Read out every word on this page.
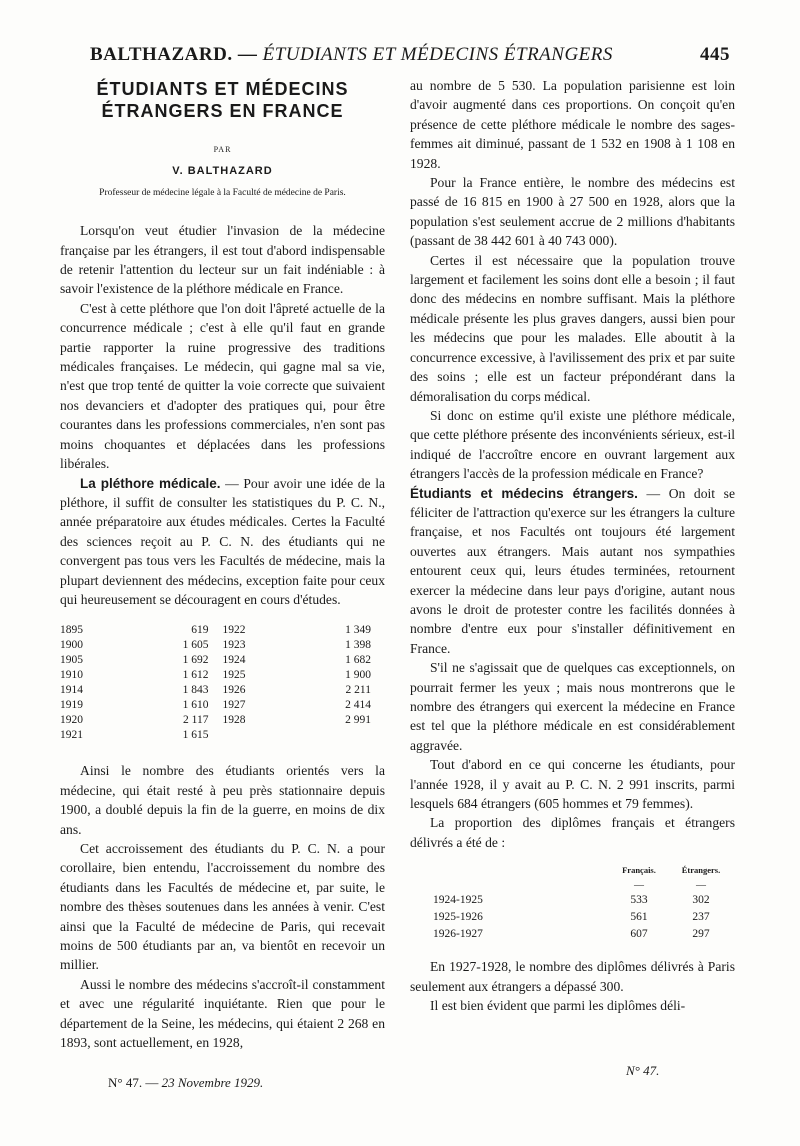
BALTHAZARD. — ÉTUDIANTS ET MÉDECINS ÉTRANGERS	445
ÉTUDIANTS ET MÉDECINS
ÉTRANGERS EN FRANCE
PAR
V. BALTHAZARD
Professeur de médecine légale à la Faculté de médecine de Paris.

Lorsqu'on veut étudier l'invasion de la médecine française par les étrangers, il est tout d'abord indispensable de retenir l'attention du lecteur sur un fait indéniable : à savoir l'existence de la pléthore médicale en France.

C'est à cette pléthore que l'on doit l'âpreté actuelle de la concurrence médicale ; c'est à elle qu'il faut en grande partie rapporter la ruine progressive des traditions médicales françaises. Le médecin, qui gagne mal sa vie, n'est que trop tenté de quitter la voie correcte que suivaient nos devanciers et d'adopter des pratiques qui, pour être courantes dans les professions commerciales, n'en sont pas moins choquantes et déplacées dans les professions libérales.

La pléthore médicale. — Pour avoir une idée de la pléthore, il suffit de consulter les statistiques du P. C. N., année préparatoire aux études médicales. Certes la Faculté des sciences reçoit au P. C. N. des étudiants qui ne convergent pas tous vers les Facultés de médecine, mais la plupart deviennent des médecins, exception faite pour ceux qui heureusement se découragent en cours d'études.

1895	619	1922	1 349
1900	1 605	1923	1 398
1905	1 692	1924	1 682
1910	1 612	1925	1 900
1914	1 843	1926	2 211
1919	1 610	1927	2 414
1920	2 117	1928	2 991
1921	1 615		

Ainsi le nombre des étudiants orientés vers la médecine, qui était resté à peu près stationnaire depuis 1900, a doublé depuis la fin de la guerre, en moins de dix ans.

Cet accroissement des étudiants du P. C. N. a pour corollaire, bien entendu, l'accroissement du nombre des étudiants dans les Facultés de médecine et, par suite, le nombre des thèses soutenues dans les années à venir. C'est ainsi que la Faculté de médecine de Paris, qui recevait moins de 500 étudiants par an, va bientôt en recevoir un millier.

Aussi le nombre des médecins s'accroît-il constamment et avec une régularité inquiétante. Rien que pour le département de la Seine, les médecins, qui étaient 2 268 en 1893, sont actuellement, en 1928,

au nombre de 5 530. La population parisienne est loin d'avoir augmenté dans ces proportions. On conçoit qu'en présence de cette pléthore médicale le nombre des sages-femmes ait diminué, passant de 1 532 en 1908 à 1 108 en 1928.

Pour la France entière, le nombre des médecins est passé de 16 815 en 1900 à 27 500 en 1928, alors que la population s'est seulement accrue de 2 millions d'habitants (passant de 38 442 601 à 40 743 000).

Certes il est nécessaire que la population trouve largement et facilement les soins dont elle a besoin ; il faut donc des médecins en nombre suffisant. Mais la pléthore médicale présente les plus graves dangers, aussi bien pour les médecins que pour les malades. Elle aboutit à la concurrence excessive, à l'avilissement des prix et par suite des soins ; elle est un facteur prépondérant dans la démoralisation du corps médical.

Si donc on estime qu'il existe une pléthore médicale, que cette pléthore présente des inconvénients sérieux, est-il indiqué de l'accroître encore en ouvrant largement aux étrangers l'accès de la profession médicale en France?

Étudiants et médecins étrangers. — On doit se féliciter de l'attraction qu'exerce sur les étrangers la culture française, et nos Facultés ont toujours été largement ouvertes aux étrangers. Mais autant nos sympathies entourent ceux qui, leurs études terminées, retournent exercer la médecine dans leur pays d'origine, autant nous avons le droit de protester contre les facilités données à nombre d'entre eux pour s'installer définitivement en France.

S'il ne s'agissait que de quelques cas exceptionnels, on pourrait fermer les yeux ; mais nous montrerons que le nombre des étrangers qui exercent la médecine en France est tel que la pléthore médicale en est considérablement aggravée.

Tout d'abord en ce qui concerne les étudiants, pour l'année 1928, il y avait au P. C. N. 2 991 inscrits, parmi lesquels 684 étrangers (605 hommes et 79 femmes).

La proportion des diplômes français et étrangers délivrés a été de :

	Français.	Étrangers.
	—	—
1924-1925	533	302
1925-1926	561	237
1926-1927	607	297

En 1927-1928, le nombre des diplômes délivrés à Paris seulement aux étrangers a dépassé 300.

Il est bien évident que parmi les diplômes déli-

N° 47. — 23 Novembre 1929.
N° 47.
